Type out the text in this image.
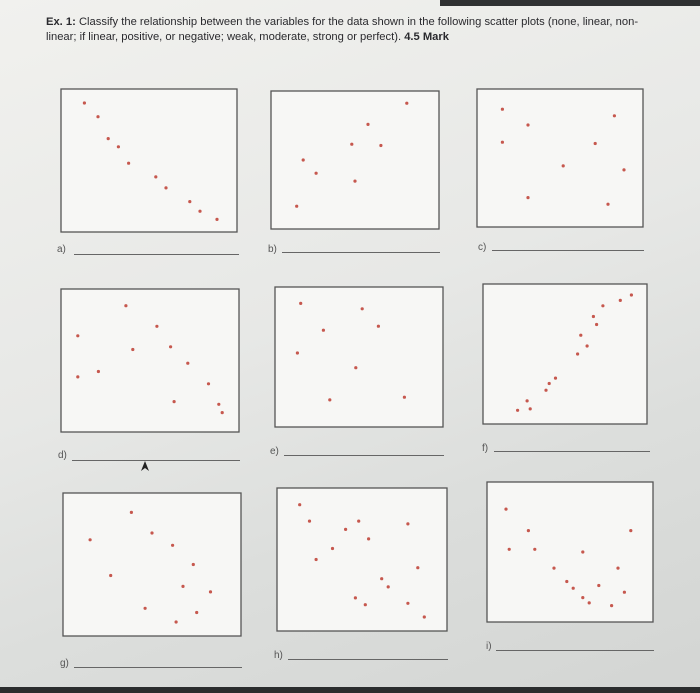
Ex. 1: Classify the relationship between the variables for the data shown in the following scatter plots (none, linear, non-linear; if linear, positive, or negative; weak, moderate, strong or perfect). 4.5 Mark
a)	b)	c)
d)	e)	f)
g)
h)
i)
